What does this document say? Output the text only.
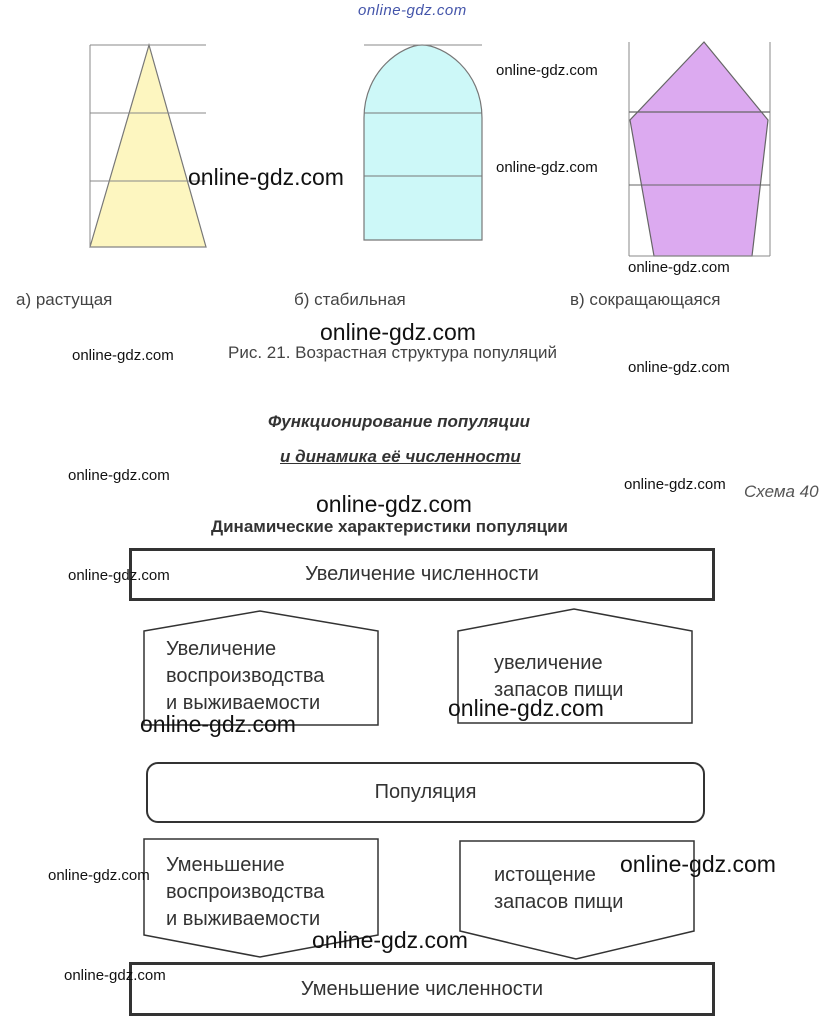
online-gdz.com
а) растущая	б) стабильная	в) сокращающаяся
Рис. 21. Возрастная структура популяций
Функционирование популяции
и динамика её численности
Схема 40
Динамические характеристики популяции
Увеличение численности
Увеличение
воспроизводства
и выживаемости
увеличение
запасов пищи
Популяция
Уменьшение
воспроизводства
и выживаемости
истощение
запасов пищи
Уменьшение численности
online-gdz.com
online-gdz.com	online-gdz.com
online-gdz.com
online-gdz.com
online-gdz.com
online-gdz.com
online-gdz.com
online-gdz.com
online-gdz.com
online-gdz.com
online-gdz.com
online-gdz.com
online-gdz.com	online-gdz.com
online-gdz.com
online-gdz.com
